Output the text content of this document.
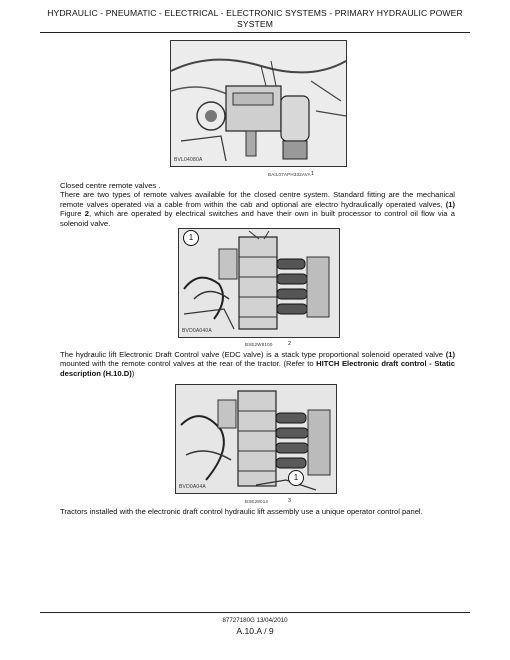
HYDRAULIC - PNEUMATIC - ELECTRICAL - ELECTRONIC SYSTEMS - PRIMARY HYDRAULIC POWER
SYSTEM
BVL04080A
BAIL07APH332AVA 1
Closed centre remote valves .
There are two types of remote valves available for the closed centre system. Standard fitting are the mechanical remote valves operated via a cable from within the cab and optional are electro hydraulically operated valves, (1) Figure 2, which are operated by electrical switches and have their own in built processor to control oil flow via a solenoid valve.
BVD0A040A
1
BSE2W8100	2
The hydraulic lift Electronic Draft Control valve (EDC valve) is a stack type proportional solenoid operated valve (1) mounted with the remote control valves at the rear of the tractor. (Refer to HITCH Electronic draft control - Static description (H.10.D))
BVD0A04A
1
BSE28014	3
Tractors installed with the electronic draft control hydraulic lift assembly use a unique operator control panel.
87727180G 13/04/2010
A.10.A / 9
